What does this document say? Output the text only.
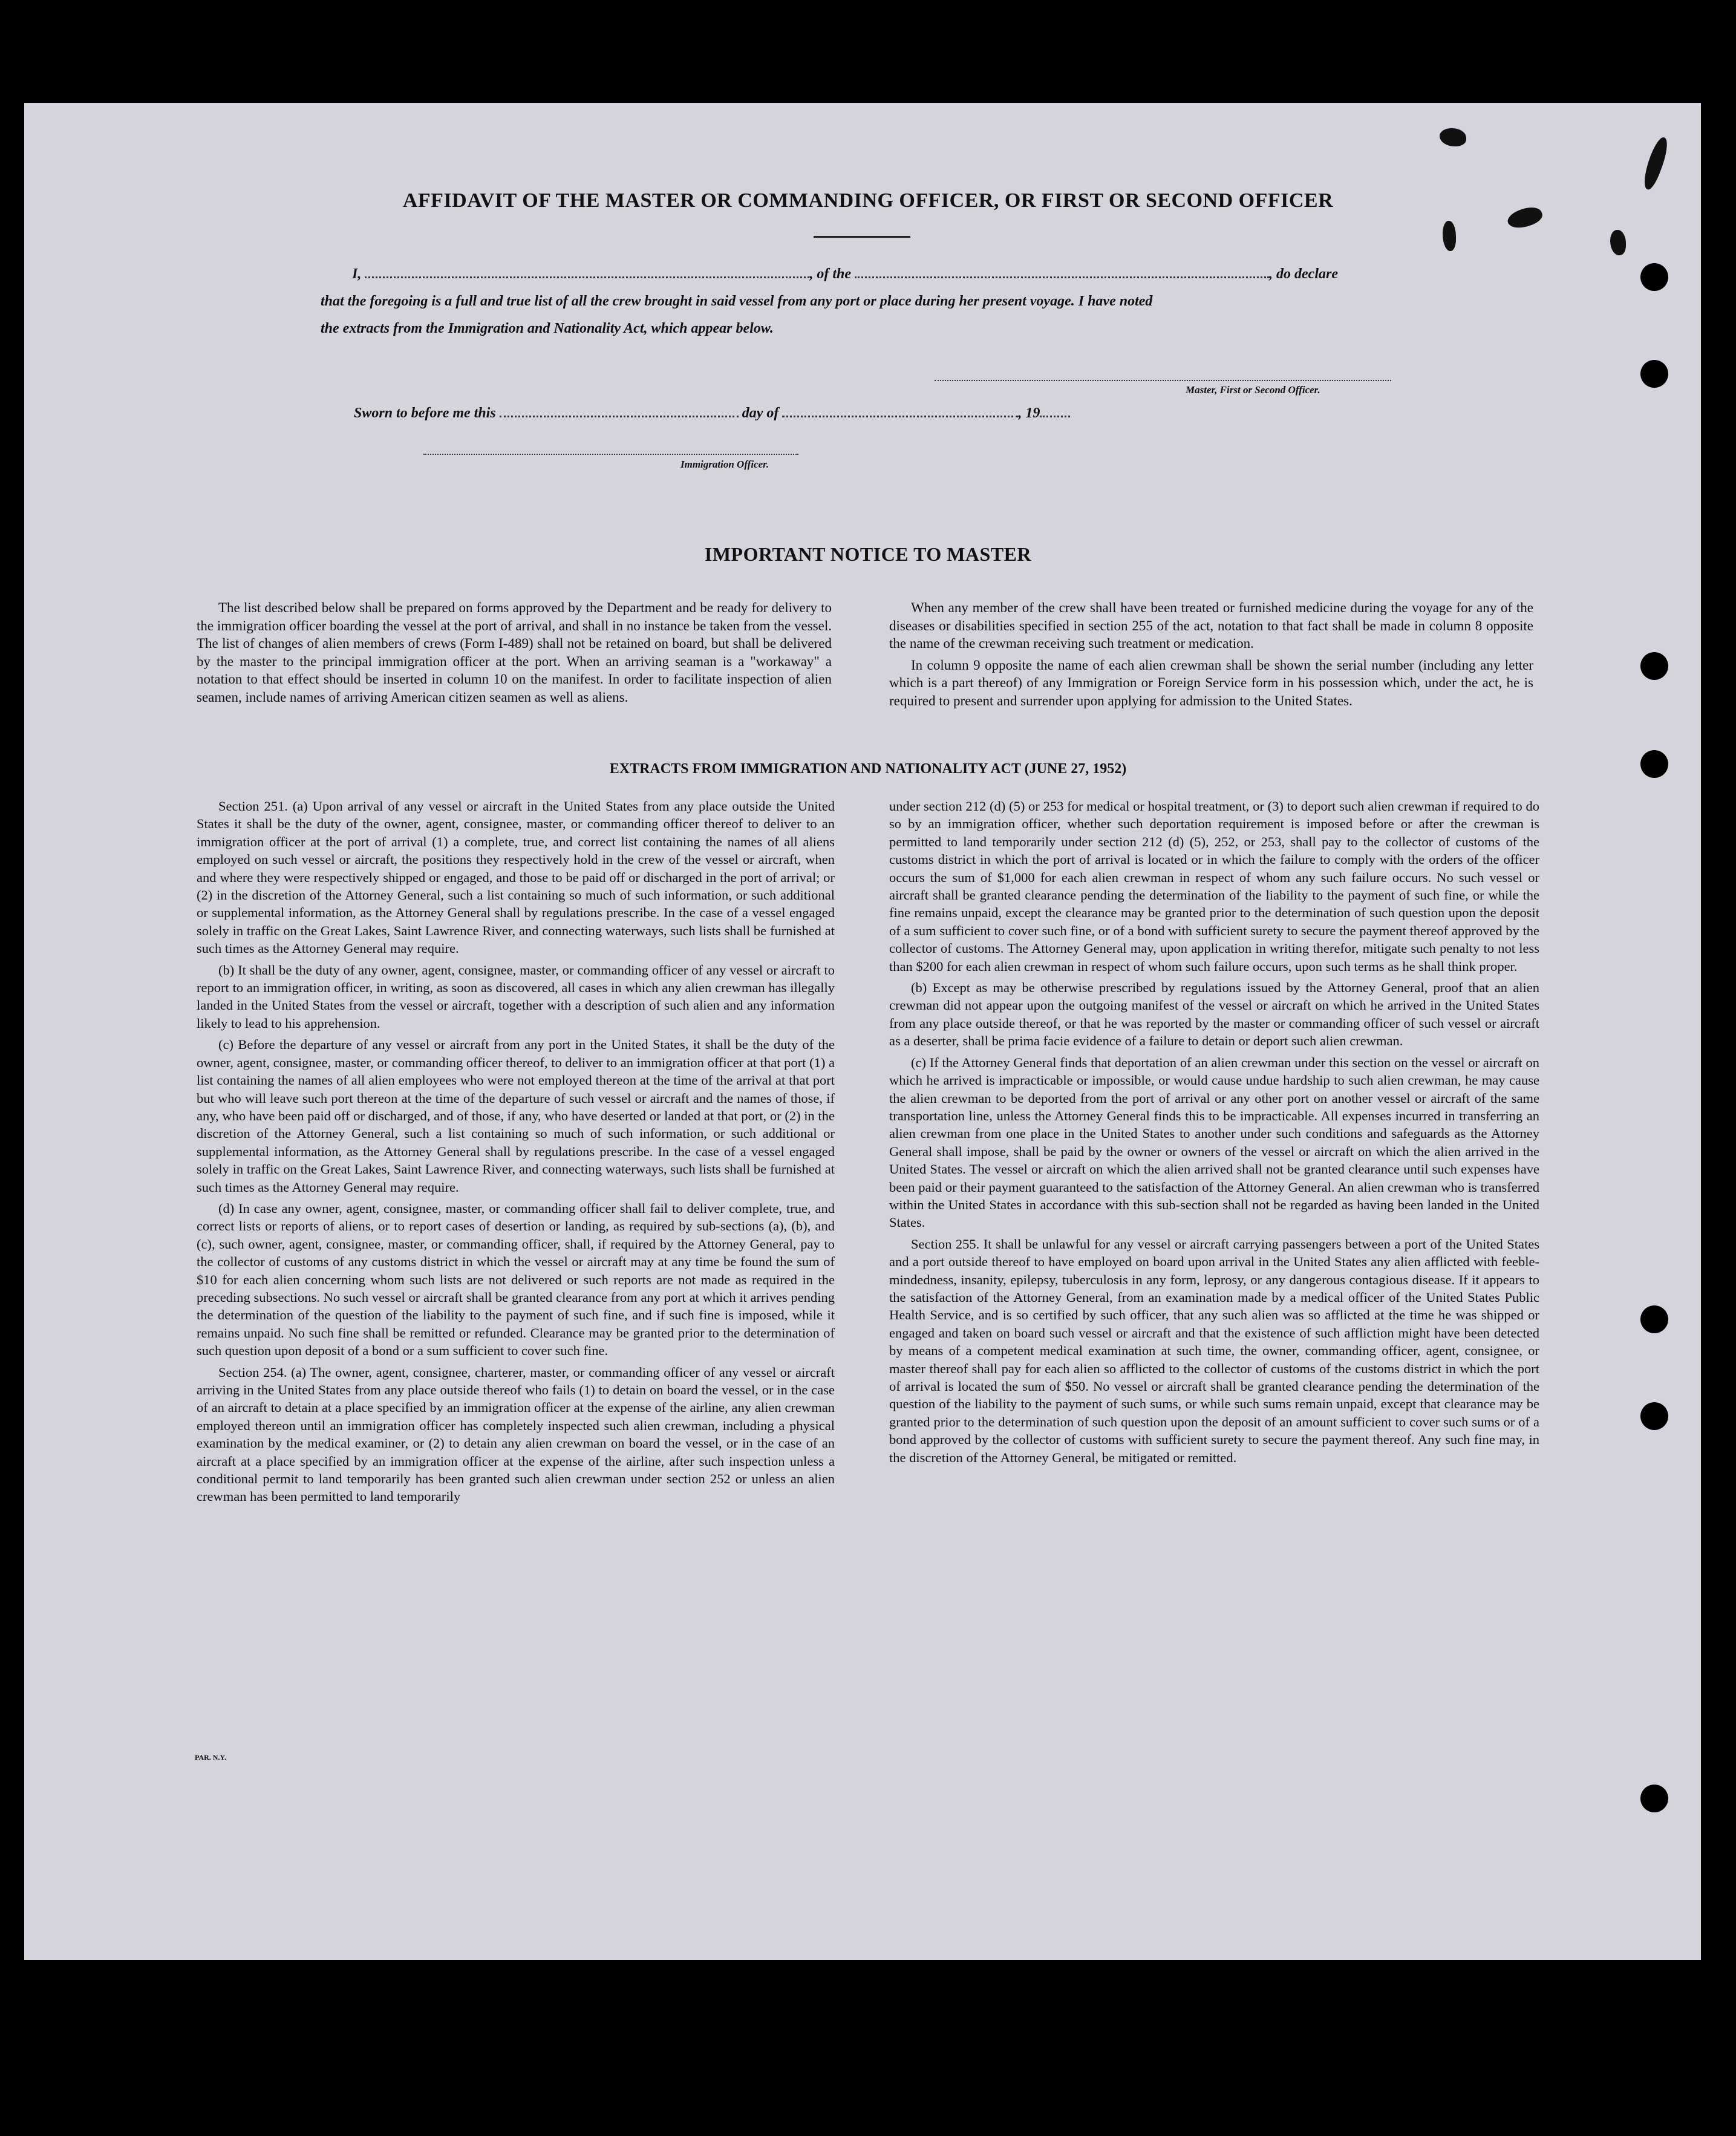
AFFIDAVIT OF THE MASTER OR COMMANDING OFFICER, OR FIRST OR SECOND OFFICER
I,	, of the	, do declare
that the foregoing is a full and true list of all the crew brought in said vessel from any port or place during her present voyage. I have noted
the extracts from the Immigration and Nationality Act, which appear below.
Master, First or Second Officer.
Sworn to before me this	day of	, 19
Immigration Officer.
IMPORTANT NOTICE TO MASTER

The list described below shall be prepared on forms approved by the Department and be ready for delivery to the immigration officer boarding the vessel at the port of arrival, and shall in no instance be taken from the vessel. The list of changes of alien members of crews (Form I-489) shall not be retained on board, but shall be delivered by the master to the principal immigration officer at the port. When an arriving seaman is a "workaway" a notation to that effect should be inserted in column 10 on the manifest. In order to facilitate inspection of alien seamen, include names of arriving American citizen seamen as well as aliens.

When any member of the crew shall have been treated or furnished medicine during the voyage for any of the diseases or disabilities specified in section 255 of the act, notation to that fact shall be made in column 8 opposite the name of the crewman receiving such treatment or medication.

In column 9 opposite the name of each alien crewman shall be shown the serial number (including any letter which is a part thereof) of any Immigration or Foreign Service form in his possession which, under the act, he is required to present and surrender upon applying for admission to the United States.

EXTRACTS FROM IMMIGRATION AND NATIONALITY ACT (JUNE 27, 1952)

Section 251. (a) Upon arrival of any vessel or aircraft in the United States from any place outside the United States it shall be the duty of the owner, agent, consignee, master, or commanding officer thereof to deliver to an immigration officer at the port of arrival (1) a complete, true, and correct list containing the names of all aliens employed on such vessel or aircraft, the positions they respectively hold in the crew of the vessel or aircraft, when and where they were respectively shipped or engaged, and those to be paid off or discharged in the port of arrival; or (2) in the discretion of the Attorney General, such a list containing so much of such information, or such additional or supplemental information, as the Attorney General shall by regulations prescribe. In the case of a vessel engaged solely in traffic on the Great Lakes, Saint Lawrence River, and connecting waterways, such lists shall be furnished at such times as the Attorney General may require.

(b) It shall be the duty of any owner, agent, consignee, master, or commanding officer of any vessel or aircraft to report to an immigration officer, in writing, as soon as discovered, all cases in which any alien crewman has illegally landed in the United States from the vessel or aircraft, together with a description of such alien and any information likely to lead to his apprehension.

(c) Before the departure of any vessel or aircraft from any port in the United States, it shall be the duty of the owner, agent, consignee, master, or commanding officer thereof, to deliver to an immigration officer at that port (1) a list containing the names of all alien employees who were not employed thereon at the time of the arrival at that port but who will leave such port thereon at the time of the departure of such vessel or aircraft and the names of those, if any, who have been paid off or discharged, and of those, if any, who have deserted or landed at that port, or (2) in the discretion of the Attorney General, such a list containing so much of such information, or such additional or supplemental information, as the Attorney General shall by regulations prescribe. In the case of a vessel engaged solely in traffic on the Great Lakes, Saint Lawrence River, and connecting waterways, such lists shall be furnished at such times as the Attorney General may require.

(d) In case any owner, agent, consignee, master, or commanding officer shall fail to deliver complete, true, and correct lists or reports of aliens, or to report cases of desertion or landing, as required by sub-sections (a), (b), and (c), such owner, agent, consignee, master, or commanding officer, shall, if required by the Attorney General, pay to the collector of customs of any customs district in which the vessel or aircraft may at any time be found the sum of $10 for each alien concerning whom such lists are not delivered or such reports are not made as required in the preceding subsections. No such vessel or aircraft shall be granted clearance from any port at which it arrives pending the determination of the question of the liability to the payment of such fine, and if such fine is imposed, while it remains unpaid. No such fine shall be remitted or refunded. Clearance may be granted prior to the determination of such question upon deposit of a bond or a sum sufficient to cover such fine.

Section 254. (a) The owner, agent, consignee, charterer, master, or commanding officer of any vessel or aircraft arriving in the United States from any place outside thereof who fails (1) to detain on board the vessel, or in the case of an aircraft to detain at a place specified by an immigration officer at the expense of the airline, any alien crewman employed thereon until an immigration officer has completely inspected such alien crewman, including a physical examination by the medical examiner, or (2) to detain any alien crewman on board the vessel, or in the case of an aircraft at a place specified by an immigration officer at the expense of the airline, after such inspection unless a conditional permit to land temporarily has been granted such alien crewman under section 252 or unless an alien crewman has been permitted to land temporarily

under section 212 (d) (5) or 253 for medical or hospital treatment, or (3) to deport such alien crewman if required to do so by an immigration officer, whether such deportation requirement is imposed before or after the crewman is permitted to land temporarily under section 212 (d) (5), 252, or 253, shall pay to the collector of customs of the customs district in which the port of arrival is located or in which the failure to comply with the orders of the officer occurs the sum of $1,000 for each alien crewman in respect of whom any such failure occurs. No such vessel or aircraft shall be granted clearance pending the determination of the liability to the payment of such fine, or while the fine remains unpaid, except the clearance may be granted prior to the determination of such question upon the deposit of a sum sufficient to cover such fine, or of a bond with sufficient surety to secure the payment thereof approved by the collector of customs. The Attorney General may, upon application in writing therefor, mitigate such penalty to not less than $200 for each alien crewman in respect of whom such failure occurs, upon such terms as he shall think proper.

(b) Except as may be otherwise prescribed by regulations issued by the Attorney General, proof that an alien crewman did not appear upon the outgoing manifest of the vessel or aircraft on which he arrived in the United States from any place outside thereof, or that he was reported by the master or commanding officer of such vessel or aircraft as a deserter, shall be prima facie evidence of a failure to detain or deport such alien crewman.

(c) If the Attorney General finds that deportation of an alien crewman under this section on the vessel or aircraft on which he arrived is impracticable or impossible, or would cause undue hardship to such alien crewman, he may cause the alien crewman to be deported from the port of arrival or any other port on another vessel or aircraft of the same transportation line, unless the Attorney General finds this to be impracticable. All expenses incurred in transferring an alien crewman from one place in the United States to another under such conditions and safeguards as the Attorney General shall impose, shall be paid by the owner or owners of the vessel or aircraft on which the alien arrived in the United States. The vessel or aircraft on which the alien arrived shall not be granted clearance until such expenses have been paid or their payment guaranteed to the satisfaction of the Attorney General. An alien crewman who is transferred within the United States in accordance with this sub-section shall not be regarded as having been landed in the United States.

Section 255. It shall be unlawful for any vessel or aircraft carrying passengers between a port of the United States and a port outside thereof to have employed on board upon arrival in the United States any alien afflicted with feeble-mindedness, insanity, epilepsy, tuberculosis in any form, leprosy, or any dangerous contagious disease. If it appears to the satisfaction of the Attorney General, from an examination made by a medical officer of the United States Public Health Service, and is so certified by such officer, that any such alien was so afflicted at the time he was shipped or engaged and taken on board such vessel or aircraft and that the existence of such affliction might have been detected by means of a competent medical examination at such time, the owner, commanding officer, agent, consignee, or master thereof shall pay for each alien so afflicted to the collector of customs of the customs district in which the port of arrival is located the sum of $50. No vessel or aircraft shall be granted clearance pending the determination of the question of the liability to the payment of such sums, or while such sums remain unpaid, except that clearance may be granted prior to the determination of such question upon the deposit of an amount sufficient to cover such sums or of a bond approved by the collector of customs with sufficient surety to secure the payment thereof. Any such fine may, in the discretion of the Attorney General, be mitigated or remitted.

PAR. N.Y.
